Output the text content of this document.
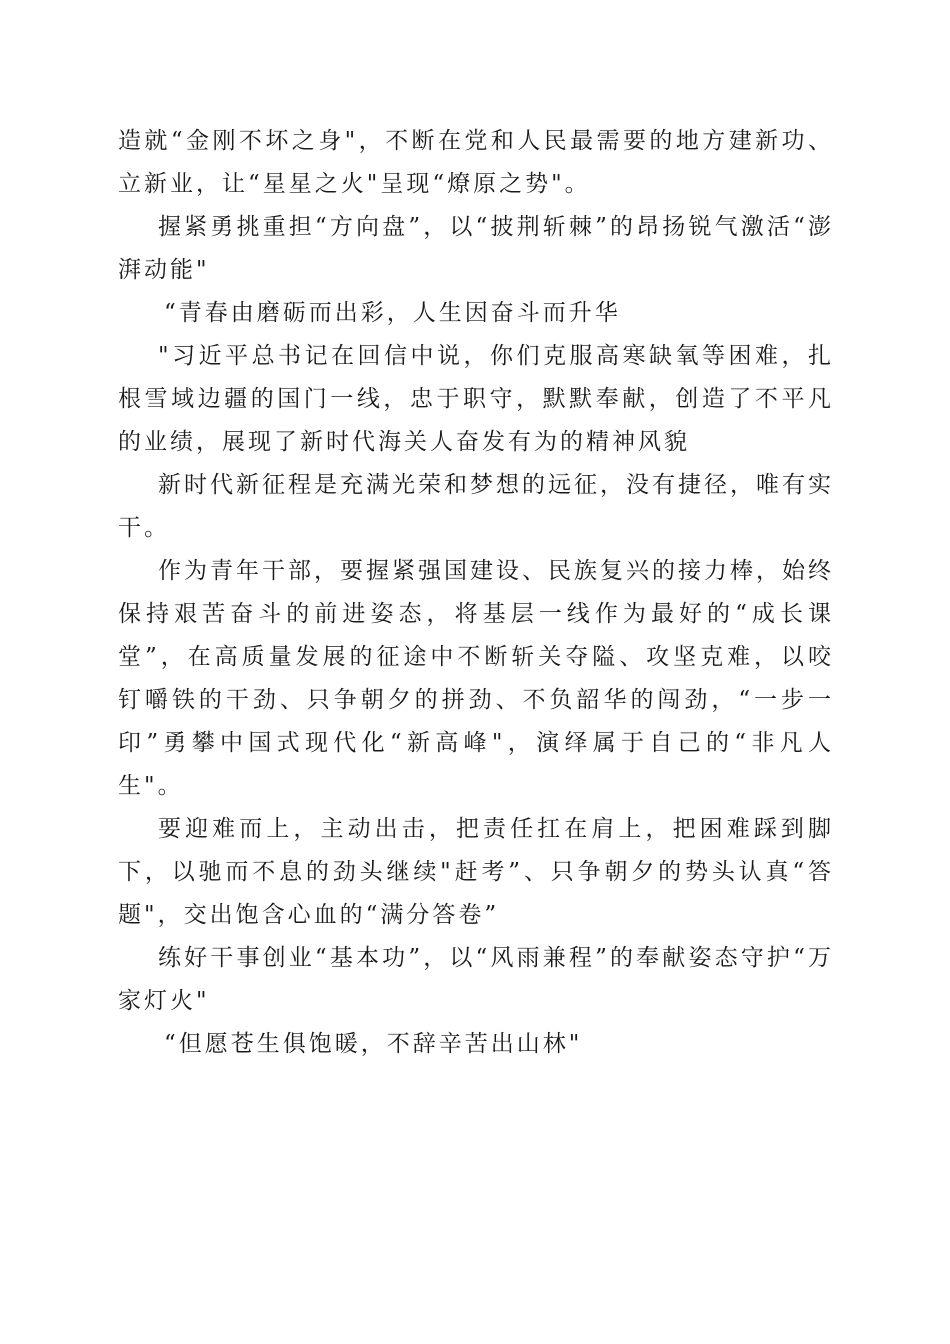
造就“金刚不坏之身"，不断在党和人民最需要的地方建新功、立新业，让“星星之火"呈现“燎原之势"。

握紧勇挑重担“方向盘”，以“披荆斩棘”的昂扬锐气激活“澎湃动能"

“青春由磨砺而出彩，人生因奋斗而升华

"习近平总书记在回信中说，你们克服高寒缺氧等困难，扎根雪域边疆的国门一线，忠于职守，默默奉献，创造了不平凡的业绩，展现了新时代海关人奋发有为的精神风貌

新时代新征程是充满光荣和梦想的远征，没有捷径，唯有实干。

作为青年干部，要握紧强国建设、民族复兴的接力棒，始终保持艰苦奋斗的前进姿态，将基层一线作为最好的“成长课堂”，在高质量发展的征途中不断斩关夺隘、攻坚克难，以咬钉嚼铁的干劲、只争朝夕的拼劲、不负韶华的闯劲，“一步一印”勇攀中国式现代化“新高峰"，演绎属于自己的“非凡人生"。

要迎难而上，主动出击，把责任扛在肩上，把困难踩到脚下，以驰而不息的劲头继续"赶考”、只争朝夕的势头认真“答题"，交出饱含心血的“满分答卷”

练好干事创业“基本功”，以“风雨兼程”的奉献姿态守护“万家灯火"

“但愿苍生俱饱暖，不辞辛苦出山林"
